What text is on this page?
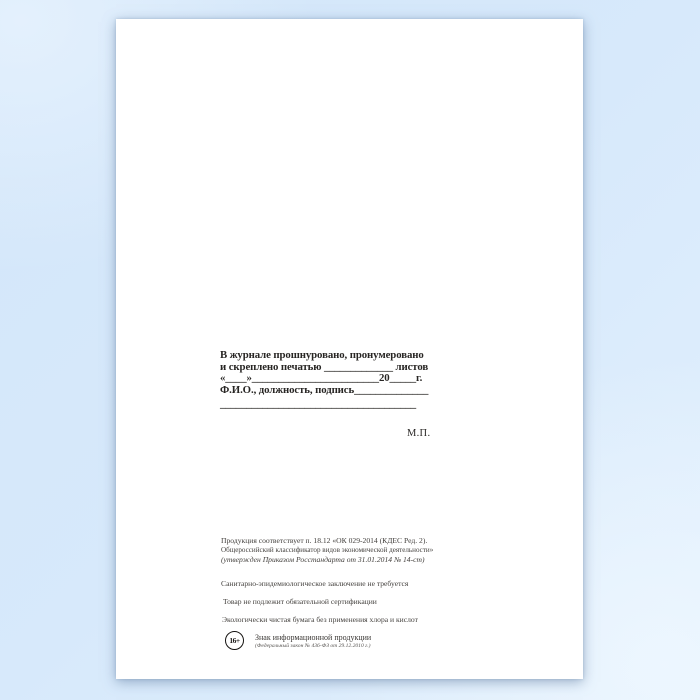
В журнале прошнуровано, пронумеровано
и скреплено печатью _____________ листов
«____»________________________20_____г.
Ф.И.О., должность, подпись______________
_____________________________________
М.П.
Продукция соответствует п. 18.12 «ОК 029-2014 (КДЕС Ред. 2).
Общероссийский классификатор видов экономической деятельности»
(утвержден Приказом Росстандарта от 31.01.2014 № 14-ст)
Санитарно-эпидемиологическое заключение не требуется
Товар не подлежит обязательной сертификации
Экологически чистая бумага без применения хлора и кислот
16+	Знак информационной продукции
(Федеральный закон № 436-ФЗ от 29.12.2010 г.)
